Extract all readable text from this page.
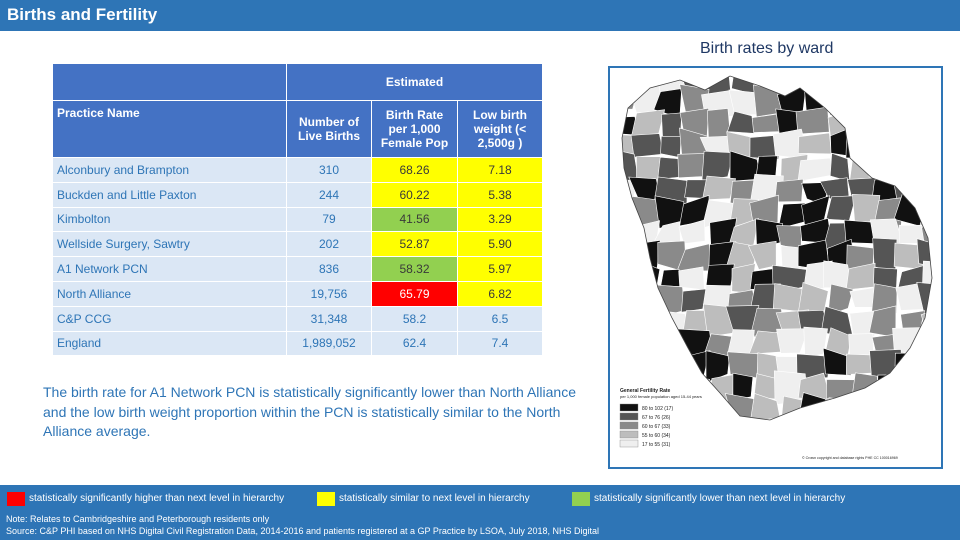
Births and Fertility
Birth rates by ward
	Estimated		
Practice Name	Number of Live Births	Birth Rate per 1,000 Female Pop	Low birth weight (< 2,500g )
Alconbury and Brampton	310	68.26	7.18
Buckden and Little Paxton	244	60.22	5.38
Kimbolton	79	41.56	3.29
Wellside Surgery, Sawtry	202	52.87	5.90
A1 Network PCN	836	58.32	5.97
North Alliance	19,756	65.79	6.82
C&P CCG	31,348	58.2	6.5
England	1,989,052	62.4	7.4
The birth rate for A1 Network PCN is statistically significantly lower than North Alliance and the low birth weight proportion within the PCN is statistically similar to the North Alliance average.
General Fertility Rate
per 1,000 female population aged 15-44 years
80 to 102 (17)
67 to 76 (26)
60 to 67 (33)
55 to 60 (34)
17 to 55 (31)
© Crown copyright and database rights PHE CC 100016969
statistically significantly higher than next level in hierarchy	statistically similar to next level in hierarchy	statistically significantly lower than next level in hierarchy
Note: Relates to Cambridgeshire and Peterborough residents only
Source: C&P PHI based on NHS Digital Civil Registration Data, 2014-2016 and patients registered at a GP Practice by LSOA, July 2018, NHS Digital
